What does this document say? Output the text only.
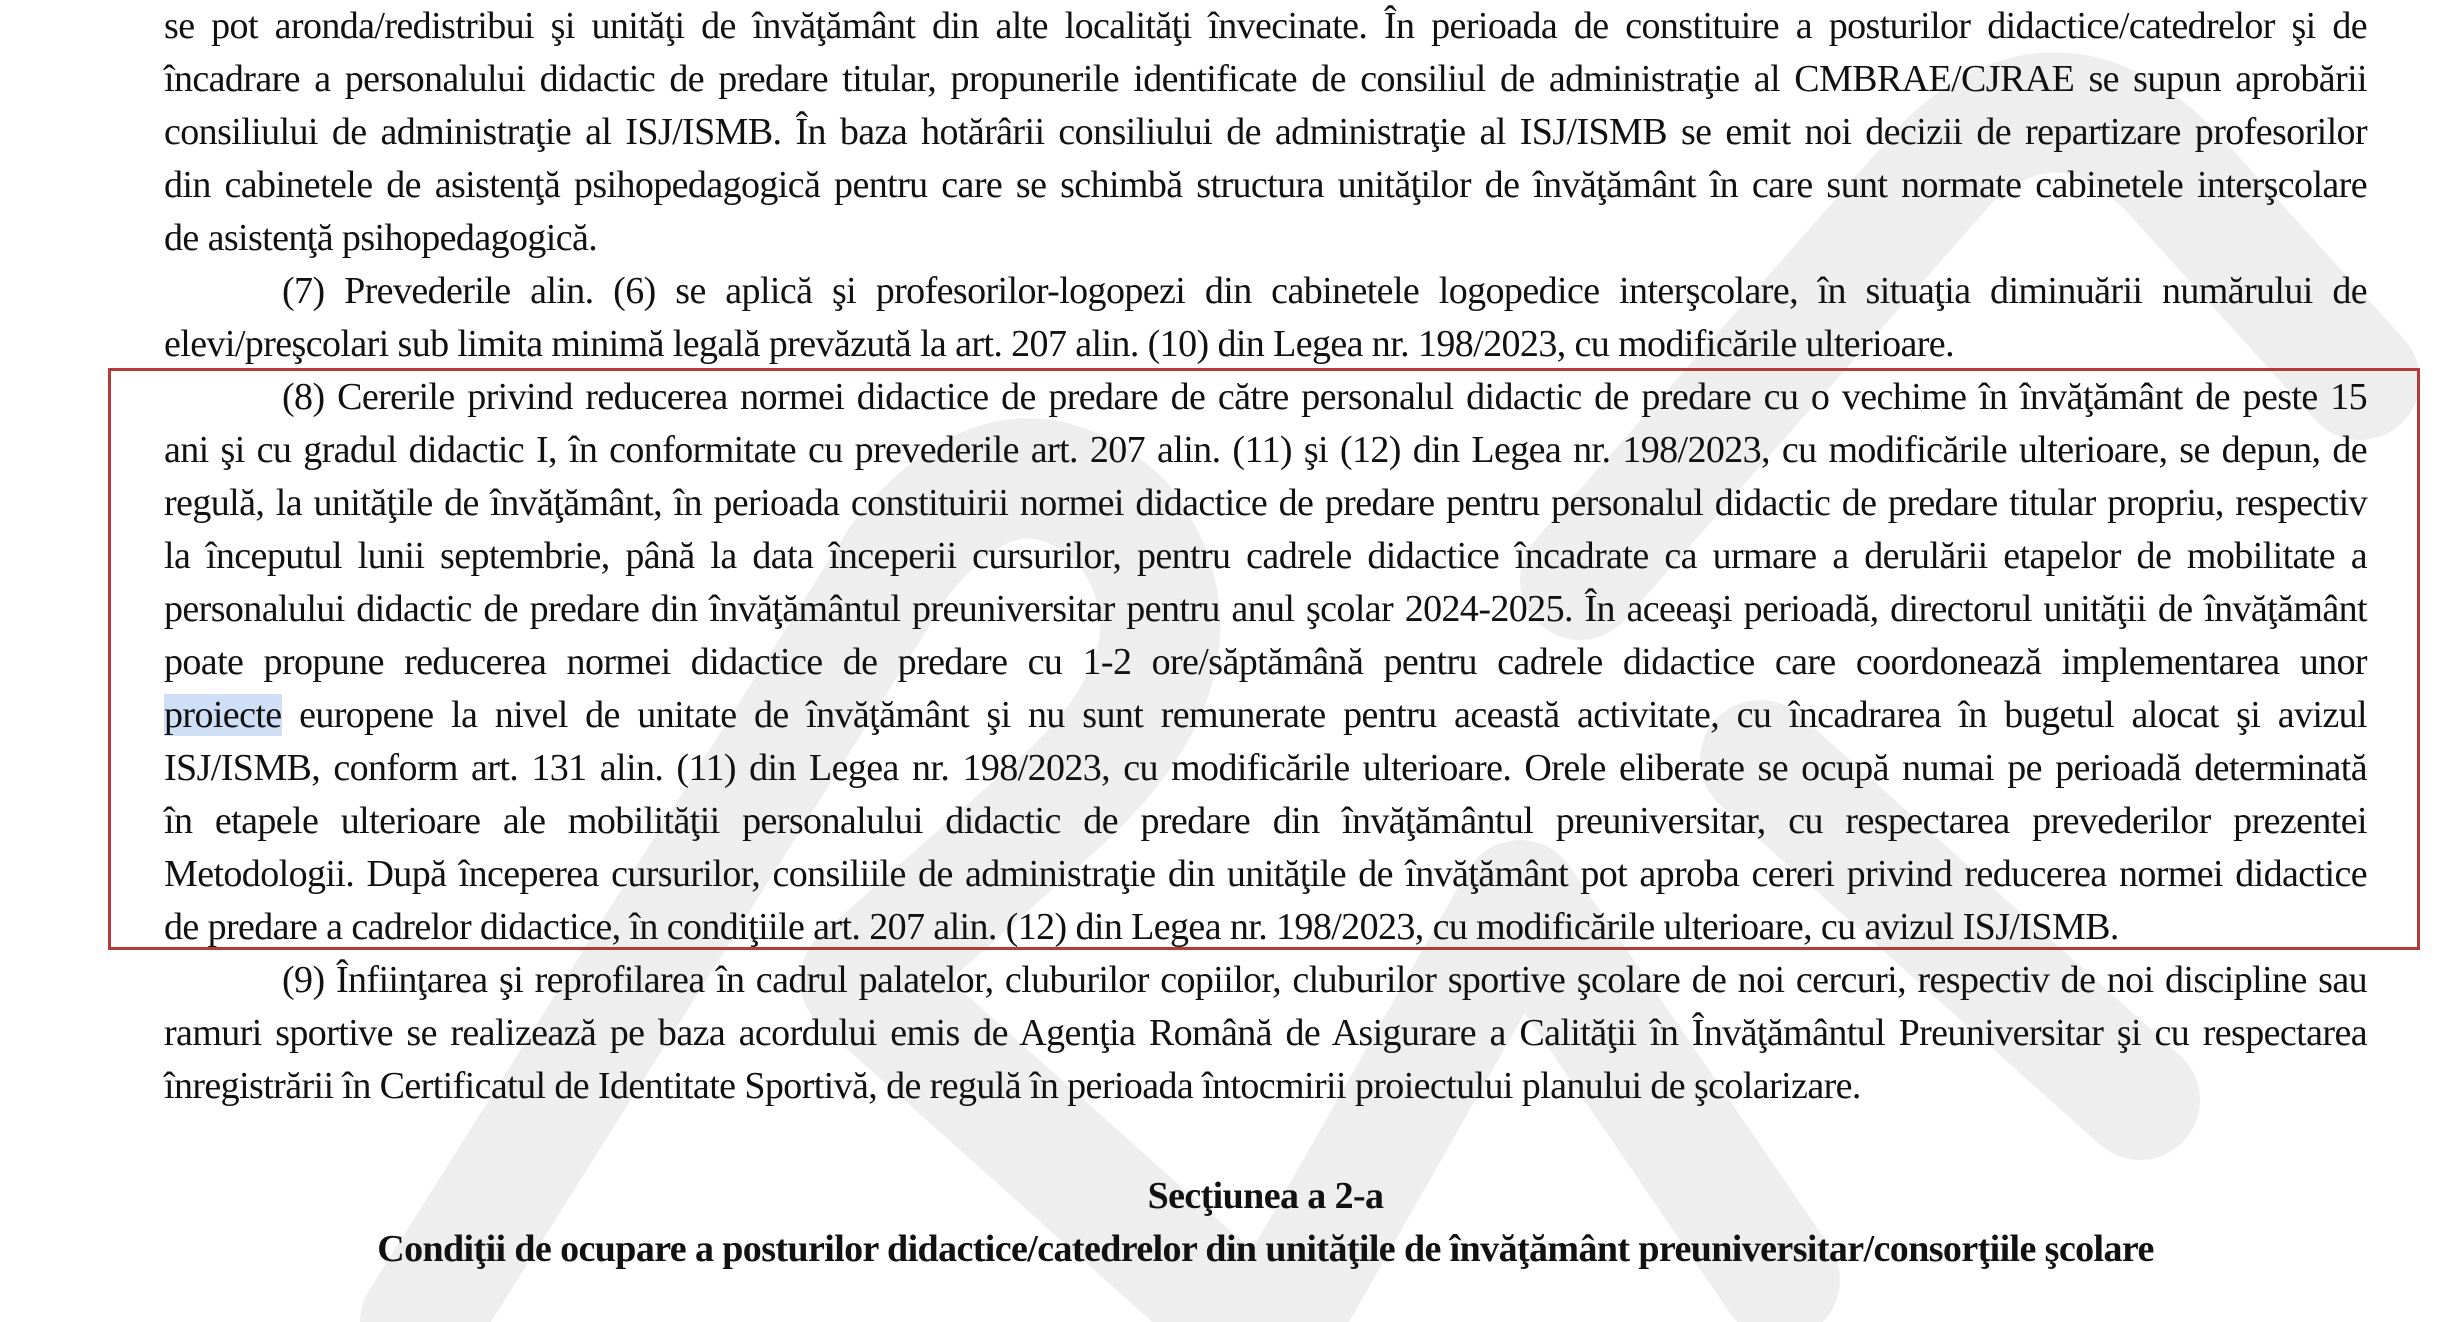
se pot aronda/redistribui şi unităţi de învăţământ din alte localităţi învecinate. În perioada de constituire a posturilor didactice/catedrelor şi de
încadrare a personalului didactic de predare titular, propunerile identificate de consiliul de administraţie al CMBRAE/CJRAE se supun aprobării
consiliului de administraţie al ISJ/ISMB. În baza hotărârii consiliului de administraţie al ISJ/ISMB se emit noi decizii de repartizare profesorilor
din cabinetele de asistenţă psihopedagogică pentru care se schimbă structura unităţilor de învăţământ în care sunt normate cabinetele interşcolare
de asistenţă psihopedagogică.
(7) Prevederile alin. (6) se aplică şi profesorilor-logopezi din cabinetele logopedice interşcolare, în situaţia diminuării numărului de
elevi/preşcolari sub limita minimă legală prevăzută la art. 207 alin. (10) din Legea nr. 198/2023, cu modificările ulterioare.
(8) Cererile privind reducerea normei didactice de predare de către personalul didactic de predare cu o vechime în învăţământ de peste 15
ani şi cu gradul didactic I, în conformitate cu prevederile art. 207 alin. (11) şi (12) din Legea nr. 198/2023, cu modificările ulterioare, se depun, de
regulă, la unităţile de învăţământ, în perioada constituirii normei didactice de predare pentru personalul didactic de predare titular propriu, respectiv
la începutul lunii septembrie, până la data începerii cursurilor, pentru cadrele didactice încadrate ca urmare a derulării etapelor de mobilitate a
personalului didactic de predare din învăţământul preuniversitar pentru anul şcolar 2024-2025. În aceeaşi perioadă, directorul unităţii de învăţământ
poate propune reducerea normei didactice de predare cu 1-2 ore/săptămână pentru cadrele didactice care coordonează implementarea unor
proiecte europene la nivel de unitate de învăţământ şi nu sunt remunerate pentru această activitate, cu încadrarea în bugetul alocat şi avizul
ISJ/ISMB, conform art. 131 alin. (11) din Legea nr. 198/2023, cu modificările ulterioare. Orele eliberate se ocupă numai pe perioadă determinată
în etapele ulterioare ale mobilităţii personalului didactic de predare din învăţământul preuniversitar, cu respectarea prevederilor prezentei
Metodologii. După începerea cursurilor, consiliile de administraţie din unităţile de învăţământ pot aproba cereri privind reducerea normei didactice
de predare a cadrelor didactice, în condiţiile art. 207 alin. (12) din Legea nr. 198/2023, cu modificările ulterioare, cu avizul ISJ/ISMB.
(9) Înfiinţarea şi reprofilarea în cadrul palatelor, cluburilor copiilor, cluburilor sportive şcolare de noi cercuri, respectiv de noi discipline sau
ramuri sportive se realizează pe baza acordului emis de Agenţia Română de Asigurare a Calităţii în Învăţământul Preuniversitar şi cu respectarea
înregistrării în Certificatul de Identitate Sportivă, de regulă în perioada întocmirii proiectului planului de şcolarizare.
Secţiunea a 2-a
Condiţii de ocupare a posturilor didactice/catedrelor din unităţile de învăţământ preuniversitar/consorţiile şcolare
